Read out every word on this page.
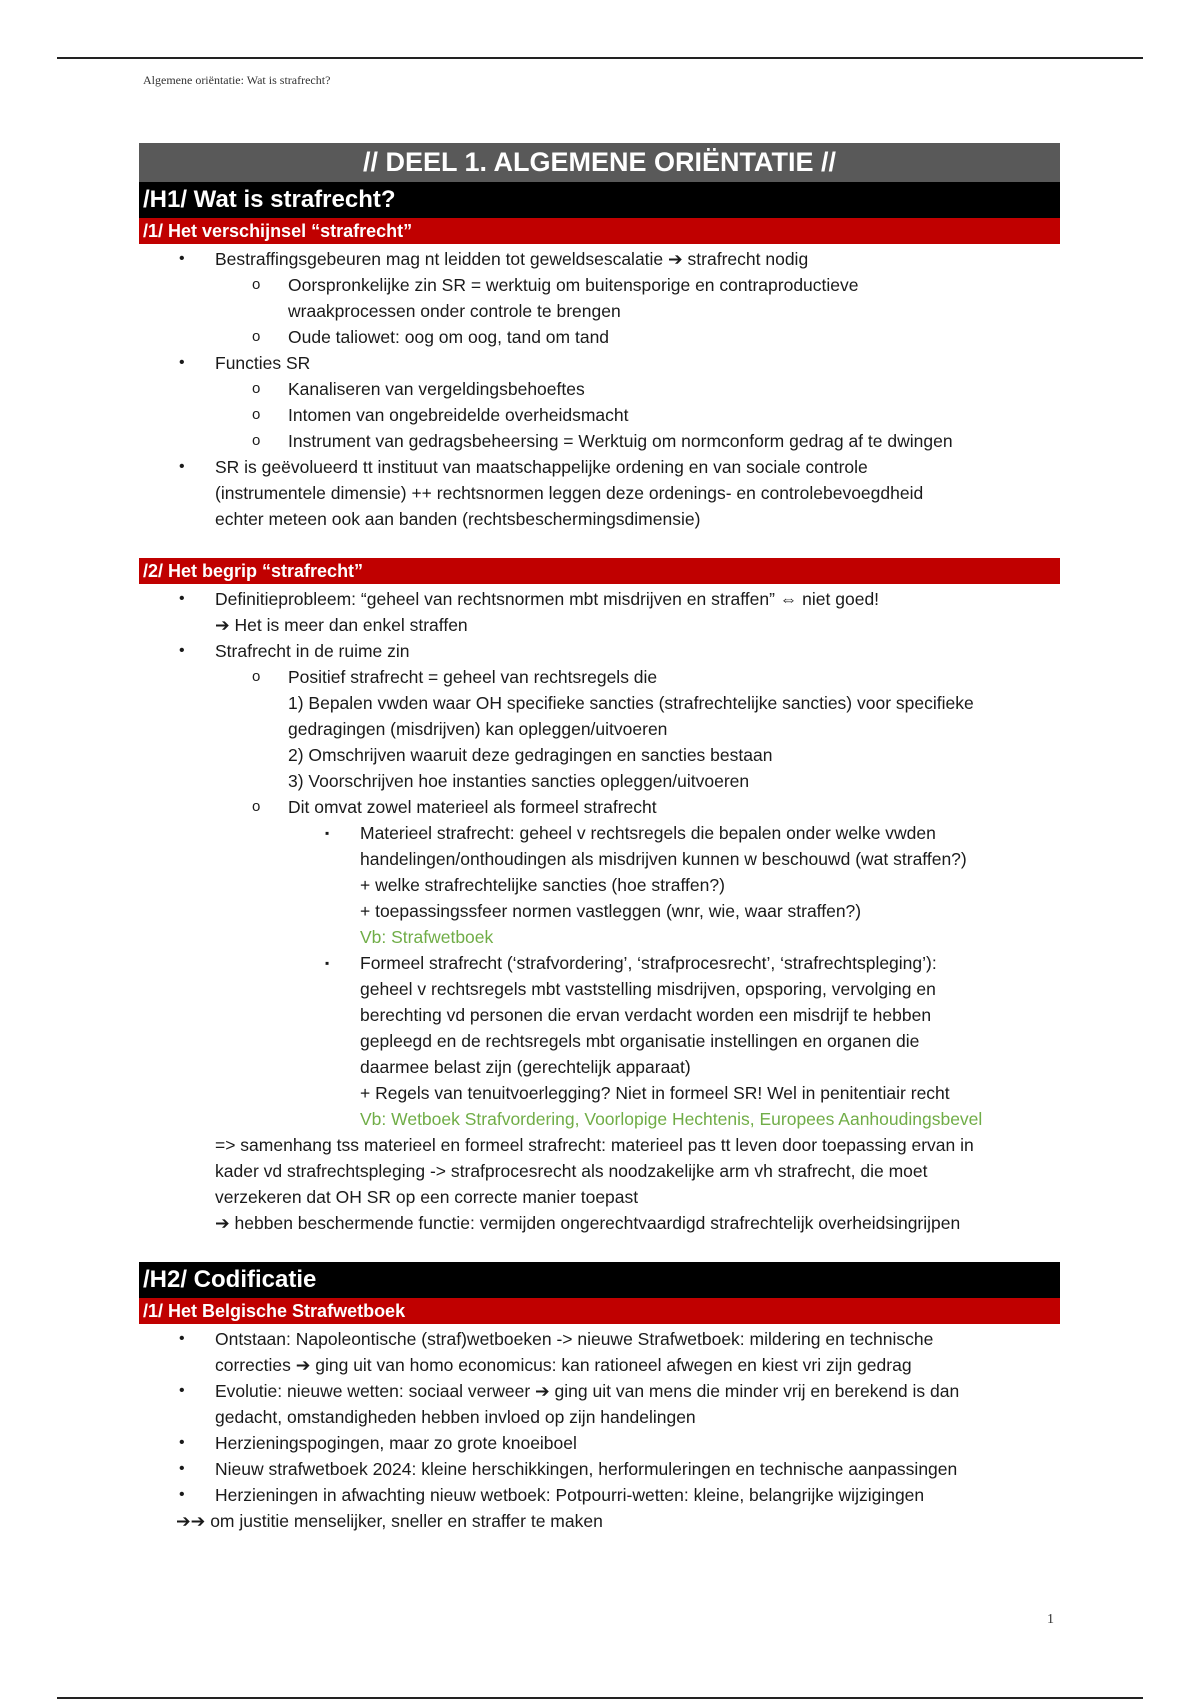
Algemene oriëntatie: Wat is strafrecht?
// DEEL 1. ALGEMENE ORIËNTATIE //
/H1/ Wat is strafrecht?
/1/ Het verschijnsel “strafrecht”
• Bestraffingsgebeuren mag nt leidden tot geweldsescalatie ➔ strafrecht nodig
o Oorspronkelijke zin SR = werktuig om buitensporige en contraproductieve
wraakprocessen onder controle te brengen
o Oude taliowet: oog om oog, tand om tand
• Functies SR
o Kanaliseren van vergeldingsbehoeftes
o Intomen van ongebreidelde overheidsmacht
o Instrument van gedragsbeheersing = Werktuig om normconform gedrag af te dwingen
• SR is geëvolueerd tt instituut van maatschappelijke ordening en van sociale controle
(instrumentele dimensie) ++ rechtsnormen leggen deze ordenings- en controlebevoegdheid
echter meteen ook aan banden (rechtsbeschermingsdimensie)
/2/ Het begrip “strafrecht”
• Definitieprobleem: “geheel van rechtsnormen mbt misdrijven en straffen” ⇔ niet goed!
➔ Het is meer dan enkel straffen
• Strafrecht in de ruime zin
o Positief strafrecht = geheel van rechtsregels die
1) Bepalen vwden waar OH specifieke sancties (strafrechtelijke sancties) voor specifieke
gedragingen (misdrijven) kan opleggen/uitvoeren
2) Omschrijven waaruit deze gedragingen en sancties bestaan
3) Voorschrijven hoe instanties sancties opleggen/uitvoeren
o Dit omvat zowel materieel als formeel strafrecht
▪ Materieel strafrecht: geheel v rechtsregels die bepalen onder welke vwden
handelingen/onthoudingen als misdrijven kunnen w beschouwd (wat straffen?)
+ welke strafrechtelijke sancties (hoe straffen?)
+ toepassingssfeer normen vastleggen (wnr, wie, waar straffen?)
Vb: Strafwetboek
▪ Formeel strafrecht (‘strafvordering’, ‘strafprocesrecht’, ‘strafrechtspleging’):
geheel v rechtsregels mbt vaststelling misdrijven, opsporing, vervolging en
berechting vd personen die ervan verdacht worden een misdrijf te hebben
gepleegd en de rechtsregels mbt organisatie instellingen en organen die
daarmee belast zijn (gerechtelijk apparaat)
+ Regels van tenuitvoerlegging? Niet in formeel SR! Wel in penitentiair recht
Vb: Wetboek Strafvordering, Voorlopige Hechtenis, Europees Aanhoudingsbevel
=> samenhang tss materieel en formeel strafrecht: materieel pas tt leven door toepassing ervan in
kader vd strafrechtspleging -> strafprocesrecht als noodzakelijke arm vh strafrecht, die moet
verzekeren dat OH SR op een correcte manier toepast
➔ hebben beschermende functie: vermijden ongerechtvaardigd strafrechtelijk overheidsingrijpen
/H2/ Codificatie
/1/ Het Belgische Strafwetboek
• Ontstaan: Napoleontische (straf)wetboeken -> nieuwe Strafwetboek: mildering en technische
correcties ➔ ging uit van homo economicus: kan rationeel afwegen en kiest vri zijn gedrag
• Evolutie: nieuwe wetten: sociaal verweer ➔ ging uit van mens die minder vrij en berekend is dan
gedacht, omstandigheden hebben invloed op zijn handelingen
• Herzieningspogingen, maar zo grote knoeiboel
• Nieuw strafwetboek 2024: kleine herschikkingen, herformuleringen en technische aanpassingen
• Herzieningen in afwachting nieuw wetboek: Potpourri-wetten: kleine, belangrijke wijzigingen
➔➔ om justitie menselijker, sneller en straffer te maken
1
